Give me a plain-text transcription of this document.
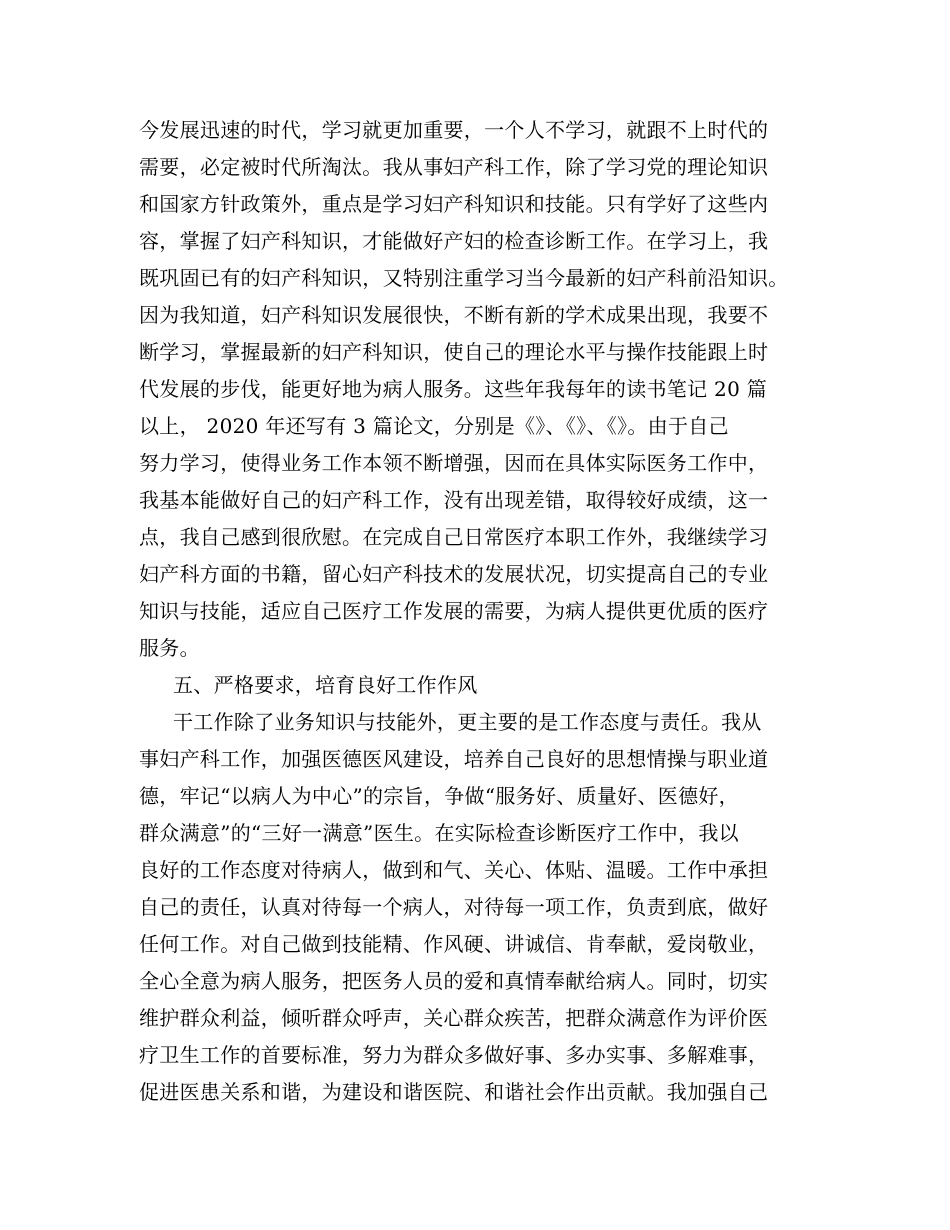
今发展迅速的时代，学习就更加重要，一个人不学习，就跟不上时代的
需要，必定被时代所淘汰。我从事妇产科工作，除了学习党的理论知识
和国家方针政策外，重点是学习妇产科知识和技能。只有学好了这些内
容，掌握了妇产科知识，才能做好产妇的检查诊断工作。在学习上，我
既巩固已有的妇产科知识，又特别注重学习当今最新的妇产科前沿知识。
因为我知道，妇产科知识发展很快，不断有新的学术成果出现，我要不
断学习，掌握最新的妇产科知识，使自己的理论水平与操作技能跟上时
代发展的步伐，能更好地为病人服务。这些年我每年的读书笔记 20 篇
以上， 2020 年还写有 3 篇论文，分别是《》、《》、《》。由于自己
努力学习，使得业务工作本领不断增强，因而在具体实际医务工作中，
我基本能做好自己的妇产科工作，没有出现差错，取得较好成绩，这一
点，我自己感到很欣慰。在完成自己日常医疗本职工作外，我继续学习
妇产科方面的书籍，留心妇产科技术的发展状况，切实提高自己的专业
知识与技能，适应自己医疗工作发展的需要，为病人提供更优质的医疗
服务。
五、严格要求，培育良好工作作风
干工作除了业务知识与技能外，更主要的是工作态度与责任。我从
事妇产科工作，加强医德医风建设，培养自己良好的思想情操与职业道
德，牢记“以病人为中心”的宗旨，争做“服务好、质量好、医德好，
群众满意”的“三好一满意”医生。在实际检查诊断医疗工作中，我以
良好的工作态度对待病人，做到和气、关心、体贴、温暖。工作中承担
自己的责任，认真对待每一个病人，对待每一项工作，负责到底，做好
任何工作。对自己做到技能精、作风硬、讲诚信、肯奉献，爱岗敬业，
全心全意为病人服务，把医务人员的爱和真情奉献给病人。同时，切实
维护群众利益，倾听群众呼声，关心群众疾苦，把群众满意作为评价医
疗卫生工作的首要标准，努力为群众多做好事、多办实事、多解难事，
促进医患关系和谐，为建设和谐医院、和谐社会作出贡献。我加强自己
